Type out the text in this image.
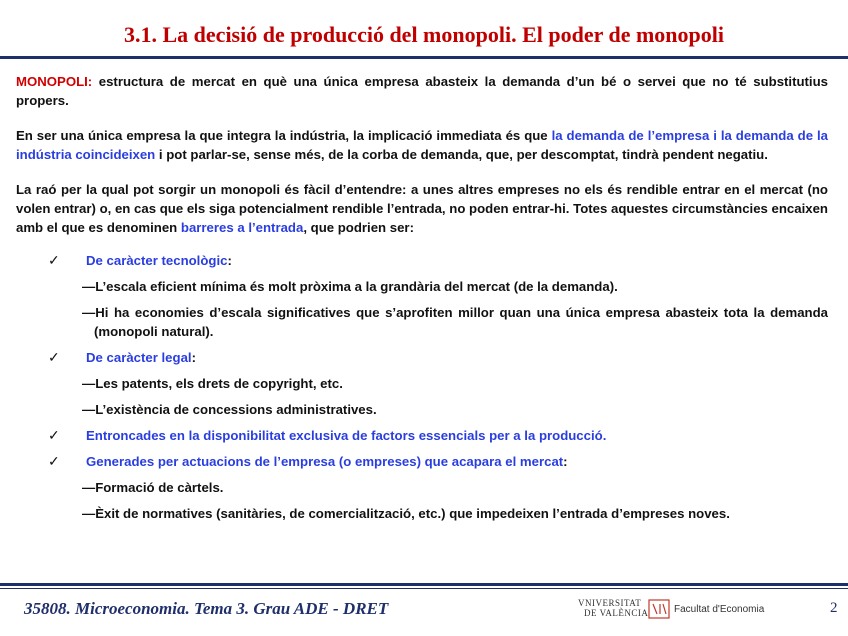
3.1. La decisió de producció del monopoli. El poder de monopoli

MONOPOLI: estructura de mercat en què una única empresa abasteix la demanda d’un bé o servei que no té substitutius propers.

En ser una única empresa la que integra la indústria, la implicació immediata és que la demanda de l’empresa i la demanda de la indústria coincideixen i pot parlar-se, sense més, de la corba de demanda, que, per descomptat, tindrà pendent negatiu.

La raó per la qual pot sorgir un monopoli és fàcil d’entendre: a unes altres empreses no els és rendible entrar en el mercat (no volen entrar) o, en cas que els siga potencialment rendible l’entrada, no poden entrar-hi. Totes aquestes circumstàncies encaixen amb el que es denominen barreres a l’entrada, que podrien ser:

✓ De caràcter tecnològic:
—L’escala eficient mínima és molt pròxima a la grandària del mercat (de la demanda).
—Hi ha economies d’escala significatives que s’aprofiten millor quan una única empresa abasteix tota la demanda (monopoli natural).
✓ De caràcter legal:
—Les patents, els drets de copyright, etc.
—L’existència de concessions administratives.
✓ Entroncades en la disponibilitat exclusiva de factors essencials per a la producció.
✓ Generades per actuacions de l’empresa (o empreses) que acapara el mercat:
—Formació de càrtels.
—Èxit de normatives (sanitàries, de comercialització, etc.) que impedeixen l’entrada d’empreses noves.
35808. Microeconomia. Tema 3. Grau ADE - DRET	VNIVERSITAT
DE VALÈNCIA	Facultat d'Economia	2
